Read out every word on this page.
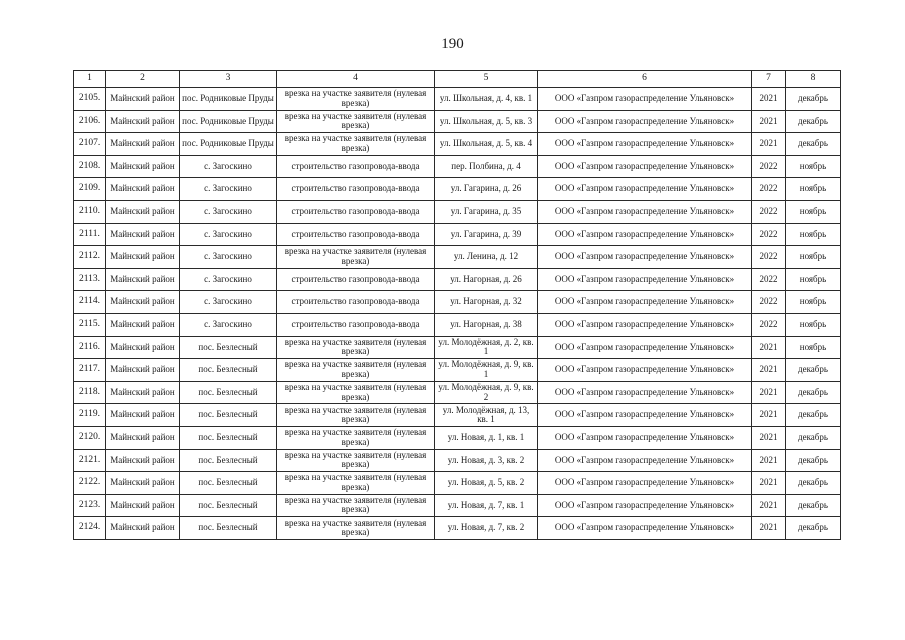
190
1	2	3	4	5	6	7	8
2105.	Майнский район	пос. Родниковые Пруды	врезка на участке заявителя (нулевая врезка)	ул. Школьная, д. 4, кв. 1	ООО «Газпром газораспределение Ульяновск»	2021	декабрь
2106.	Майнский район	пос. Родниковые Пруды	врезка на участке заявителя (нулевая врезка)	ул. Школьная, д. 5, кв. 3	ООО «Газпром газораспределение Ульяновск»	2021	декабрь
2107.	Майнский район	пос. Родниковые Пруды	врезка на участке заявителя (нулевая врезка)	ул. Школьная, д. 5, кв. 4	ООО «Газпром газораспределение Ульяновск»	2021	декабрь
2108.	Майнский район	с. Загоскино	строительство газопровода-ввода	пер. Полбина, д. 4	ООО «Газпром газораспределение Ульяновск»	2022	ноябрь
2109.	Майнский район	с. Загоскино	строительство газопровода-ввода	ул. Гагарина, д. 26	ООО «Газпром газораспределение Ульяновск»	2022	ноябрь
2110.	Майнский район	с. Загоскино	строительство газопровода-ввода	ул. Гагарина, д. 35	ООО «Газпром газораспределение Ульяновск»	2022	ноябрь
2111.	Майнский район	с. Загоскино	строительство газопровода-ввода	ул. Гагарина, д. 39	ООО «Газпром газораспределение Ульяновск»	2022	ноябрь
2112.	Майнский район	с. Загоскино	врезка на участке заявителя (нулевая врезка)	ул. Ленина, д. 12	ООО «Газпром газораспределение Ульяновск»	2022	ноябрь
2113.	Майнский район	с. Загоскино	строительство газопровода-ввода	ул. Нагорная, д. 26	ООО «Газпром газораспределение Ульяновск»	2022	ноябрь
2114.	Майнский район	с. Загоскино	строительство газопровода-ввода	ул. Нагорная, д. 32	ООО «Газпром газораспределение Ульяновск»	2022	ноябрь
2115.	Майнский район	с. Загоскино	строительство газопровода-ввода	ул. Нагорная, д. 38	ООО «Газпром газораспределение Ульяновск»	2022	ноябрь
2116.	Майнский район	пос. Безлесный	врезка на участке заявителя (нулевая врезка)	ул. Молодёжная, д. 2, кв. 1	ООО «Газпром газораспределение Ульяновск»	2021	ноябрь
2117.	Майнский район	пос. Безлесный	врезка на участке заявителя (нулевая врезка)	ул. Молодёжная, д. 9, кв. 1	ООО «Газпром газораспределение Ульяновск»	2021	декабрь
2118.	Майнский район	пос. Безлесный	врезка на участке заявителя (нулевая врезка)	ул. Молодёжная, д. 9, кв. 2	ООО «Газпром газораспределение Ульяновск»	2021	декабрь
2119.	Майнский район	пос. Безлесный	врезка на участке заявителя (нулевая врезка)	ул. Молодёжная, д. 13, кв. 1	ООО «Газпром газораспределение Ульяновск»	2021	декабрь
2120.	Майнский район	пос. Безлесный	врезка на участке заявителя (нулевая врезка)	ул. Новая, д. 1, кв. 1	ООО «Газпром газораспределение Ульяновск»	2021	декабрь
2121.	Майнский район	пос. Безлесный	врезка на участке заявителя (нулевая врезка)	ул. Новая, д. 3, кв. 2	ООО «Газпром газораспределение Ульяновск»	2021	декабрь
2122.	Майнский район	пос. Безлесный	врезка на участке заявителя (нулевая врезка)	ул. Новая, д. 5, кв. 2	ООО «Газпром газораспределение Ульяновск»	2021	декабрь
2123.	Майнский район	пос. Безлесный	врезка на участке заявителя (нулевая врезка)	ул. Новая, д. 7, кв. 1	ООО «Газпром газораспределение Ульяновск»	2021	декабрь
2124.	Майнский район	пос. Безлесный	врезка на участке заявителя (нулевая врезка)	ул. Новая, д. 7, кв. 2	ООО «Газпром газораспределение Ульяновск»	2021	декабрь
